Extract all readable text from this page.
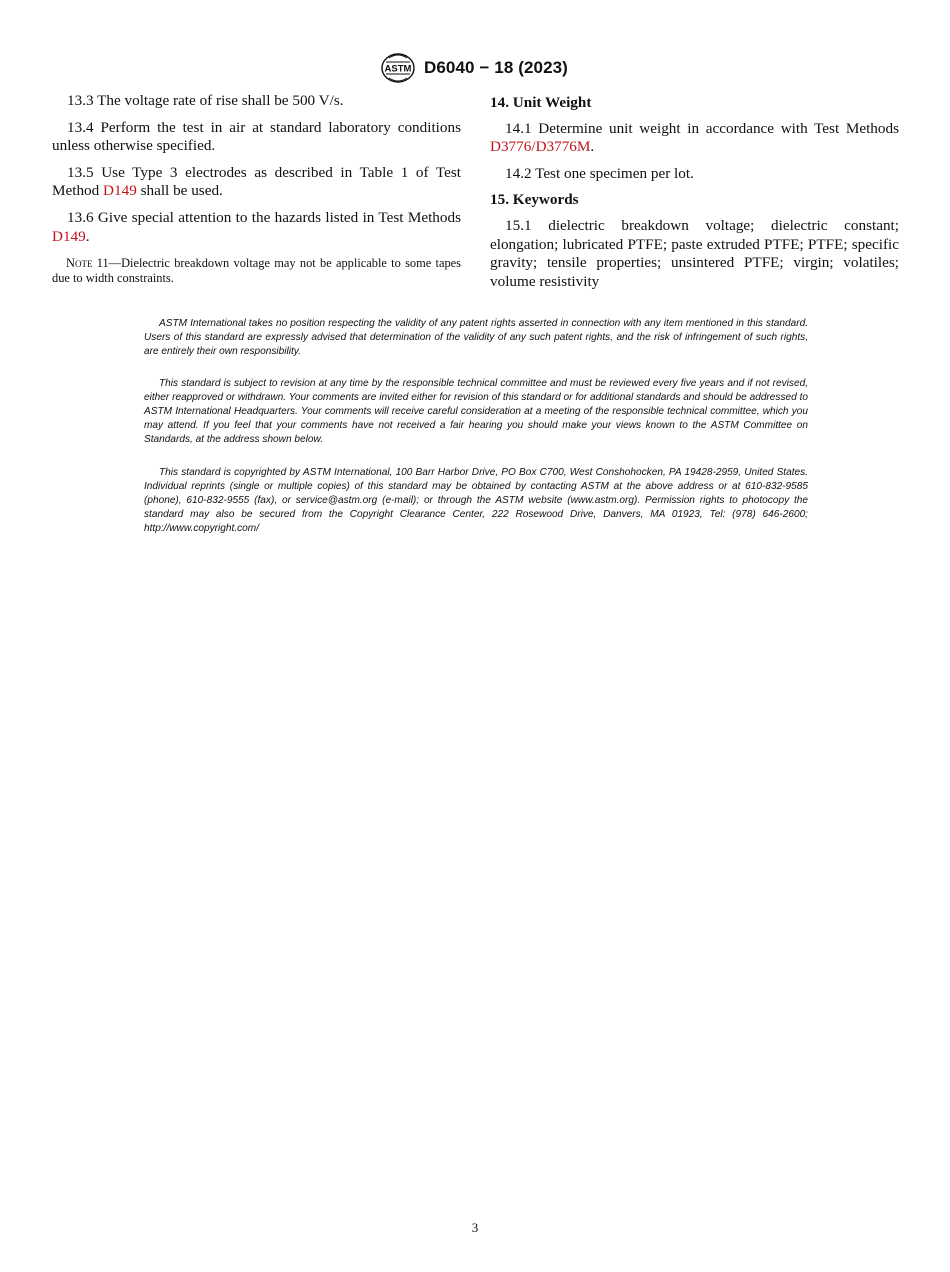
ASTM D6040 − 18 (2023)

13.3 The voltage rate of rise shall be 500 V/s.

13.4 Perform the test in air at standard laboratory conditions unless otherwise specified.

13.5 Use Type 3 electrodes as described in Table 1 of Test Method D149 shall be used.

13.6 Give special attention to the hazards listed in Test Methods D149.

Note 11—Dielectric breakdown voltage may not be applicable to some tapes due to width constraints.
14. Unit Weight

14.1 Determine unit weight in accordance with Test Methods D3776/D3776M.

14.2 Test one specimen per lot.

15. Keywords

15.1 dielectric breakdown voltage; dielectric constant; elongation; lubricated PTFE; paste extruded PTFE; PTFE; specific gravity; tensile properties; unsintered PTFE; virgin; volatiles; volume resistivity

ASTM International takes no position respecting the validity of any patent rights asserted in connection with any item mentioned in this standard. Users of this standard are expressly advised that determination of the validity of any such patent rights, and the risk of infringement of such rights, are entirely their own responsibility.

This standard is subject to revision at any time by the responsible technical committee and must be reviewed every five years and if not revised, either reapproved or withdrawn. Your comments are invited either for revision of this standard or for additional standards and should be addressed to ASTM International Headquarters. Your comments will receive careful consideration at a meeting of the responsible technical committee, which you may attend. If you feel that your comments have not received a fair hearing you should make your views known to the ASTM Committee on Standards, at the address shown below.

This standard is copyrighted by ASTM International, 100 Barr Harbor Drive, PO Box C700, West Conshohocken, PA 19428-2959, United States. Individual reprints (single or multiple copies) of this standard may be obtained by contacting ASTM at the above address or at 610-832-9585 (phone), 610-832-9555 (fax), or service@astm.org (e-mail); or through the ASTM website (www.astm.org). Permission rights to photocopy the standard may also be secured from the Copyright Clearance Center, 222 Rosewood Drive, Danvers, MA 01923, Tel: (978) 646-2600; http://www.copyright.com/

3
